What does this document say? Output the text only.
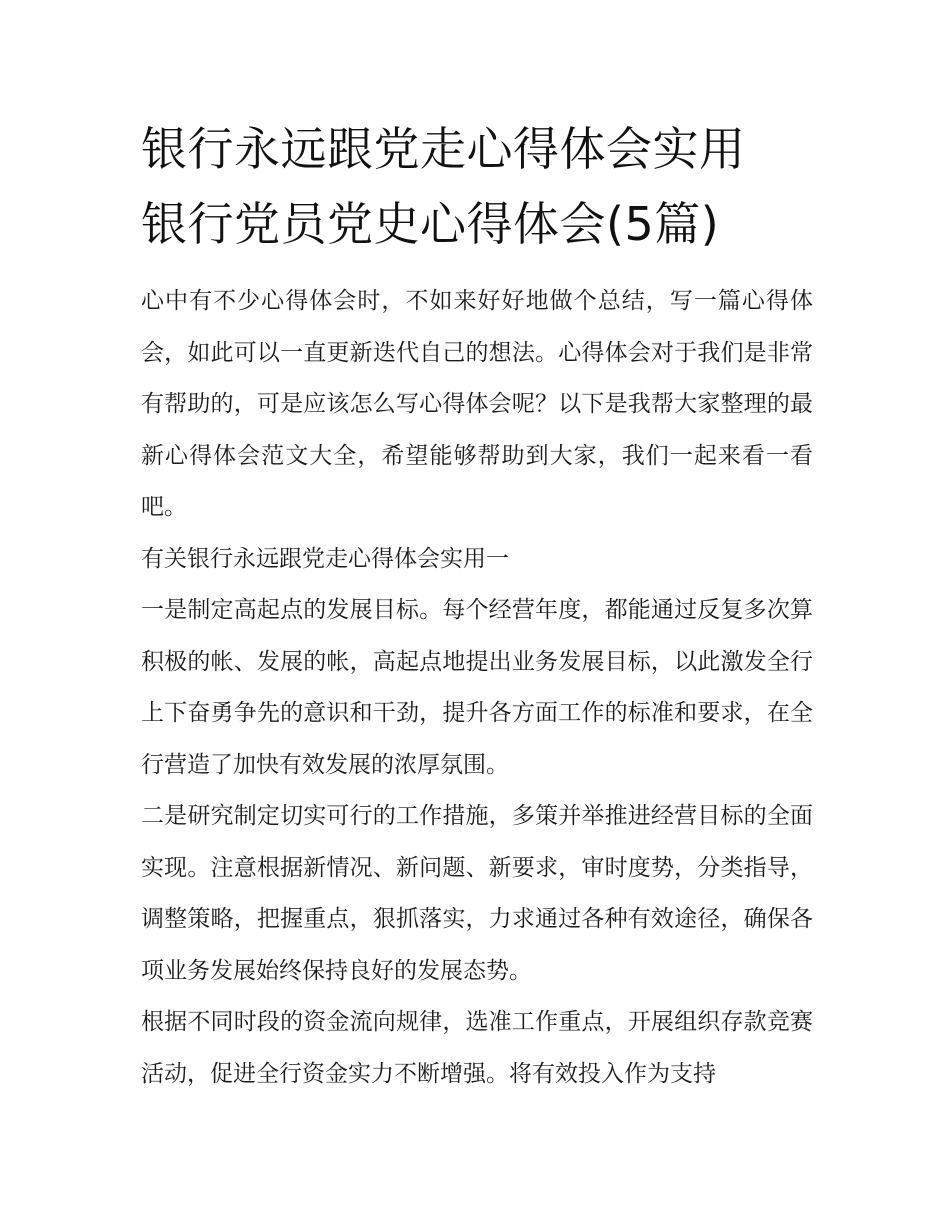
银行永远跟党走心得体会实用
银行党员党史心得体会(5篇)

心中有不少心得体会时，不如来好好地做个总结，写一篇心得体会，如此可以一直更新迭代自己的想法。心得体会对于我们是非常有帮助的，可是应该怎么写心得体会呢？以下是我帮大家整理的最新心得体会范文大全，希望能够帮助到大家，我们一起来看一看吧。

有关银行永远跟党走心得体会实用一

一是制定高起点的发展目标。每个经营年度，都能通过反复多次算积极的帐、发展的帐，高起点地提出业务发展目标，以此激发全行上下奋勇争先的意识和干劲，提升各方面工作的标准和要求，在全行营造了加快有效发展的浓厚氛围。

二是研究制定切实可行的工作措施，多策并举推进经营目标的全面实现。注意根据新情况、新问题、新要求，审时度势，分类指导，调整策略，把握重点，狠抓落实，力求通过各种有效途径，确保各项业务发展始终保持良好的发展态势。

根据不同时段的资金流向规律，选准工作重点，开展组织存款竞赛活动，促进全行资金实力不断增强。将有效投入作为支持
